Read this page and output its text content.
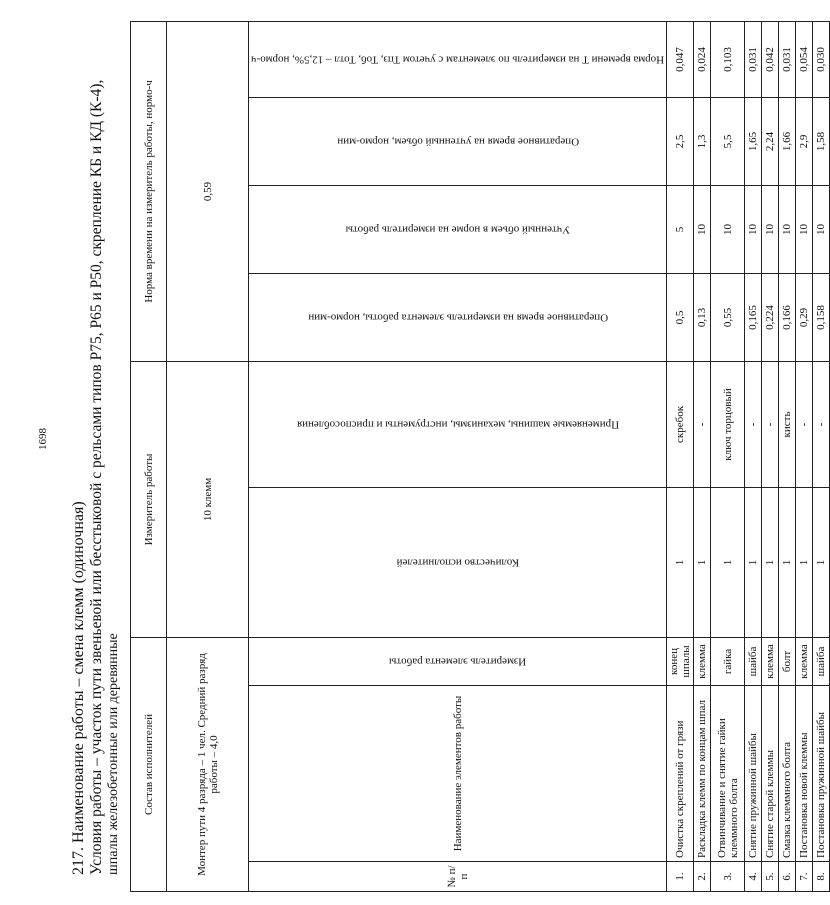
1698
217. Наименование работы – смена клемм (одиночная) Условия работы – участок пути звеньевой или бесстыковой с рельсами типов Р75, Р65 и Р50, скрепление КБ и КД (К-4), шпалы железобетонные или деревянные Состав исполнителей			Измеритель работы		Норма времени на измеритель работы, нормо-ч			
Монтер пути 4 разряда – 1 чел. Средний разряд работы – 4,0			10 клемм		0,59			
№ п/п	Наименование элементов работы	Измеритель элемента работы	Количество исполнителей	Применяемые машины, механизмы, инструменты и приспособления	Оперативное время на измеритель элемента работы, нормо-мин	Учтенный объем в норме на измеритель работы	Оперативное время на учтенный объем, нормо-мин	Норма времени Т на измеритель по элементам с учетом Тпз, Тоб, Тотл – 12,5%, нормо-ч
1.	Очистка скреплений от грязи	конец шпалы	1	скребок	0,5	5	2,5	0,047
2.	Раскладка клемм по концам шпал	клемма	1	-	0,13	10	1,3	0,024
3.	Отвинчивание и снятие гайки клеммного болта	гайка	1	ключ торцовый	0,55	10	5,5	0,103
4.	Снятие пружинной шайбы	шайба	1	-	0,165	10	1,65	0,031
5.	Снятие старой клеммы	клемма	1	-	0,224	10	2,24	0,042
6.	Смазка клеммного болта	болт	1	кисть	0,166	10	1,66	0,031
7.	Постановка новой клеммы	клемма	1	-	0,29	10	2,9	0,054
8.	Постановка пружинной шайбы	шайба	1	-	0,158	10	1,58	0,030
